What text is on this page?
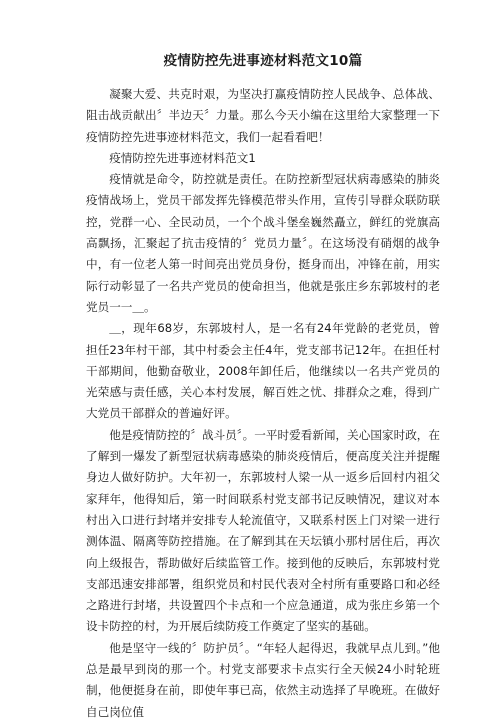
疫情防控先进事迹材料范文10篇

凝聚大爱、共克时艰，为坚决打赢疫情防控人民战争、总体战、阻击战贡献出〞半边天〞力量。那么今天小编在这里给大家整理一下疫情防控先进事迹材料范文，我们一起看看吧！

疫情防控先进事迹材料范文1

疫情就是命令，防控就是责任。在防控新型冠状病毒感染的肺炎疫情战场上，党员干部发挥先锋模范带头作用，宣传引导群众联防联控，党群一心、全民动员，一个个战斗堡垒巍然矗立，鲜红的党旗高高飘扬，汇聚起了抗击疫情的〞党员力量〞。在这场没有硝烟的战争中，有一位老人第一时间亮出党员身份，挺身而出，冲锋在前，用实际行动彰显了一名共产党员的使命担当，他就是张庄乡东郭坡村的老党员一一＿。

＿，现年68岁，东郭坡村人，是一名有24年党龄的老党员，曾担任23年村干部，其中村委会主任4年，党支部书记12年。在担任村干部期间，他勤奋敬业，2008年卸任后，他继续以一名共产党员的光荣感与责任感，关心本村发展，解百姓之忧、排群众之难，得到广大党员干部群众的普遍好评。

他是疫情防控的〞战斗员〞。一平时爱看新闻，关心国家时政，在了解到一爆发了新型冠状病毒感染的肺炎疫情后，便高度关注并提醒身边人做好防护。大年初一，东郭坡村人梁一从一返乡后回村内祖父家拜年，他得知后，第一时间联系村党支部书记反映情况，建议对本村出入口进行封堵并安排专人轮流值守，又联系村医上门对梁一进行测体温、隔离等防控措施。在了解到其在天坛镇小那村居住后，再次向上级报告，帮助做好后续监管工作。接到他的反映后，东郭坡村党支部迅速安排部署，组织党员和村民代表对全村所有重要路口和必经之路进行封堵，共设置四个卡点和一个应急通道，成为张庄乡第一个设卡防控的村，为开展后续防疫工作奠定了坚实的基础。

他是坚守一线的〞防护员〞。“年轻人起得迟，我就早点儿到。”他总是最早到岗的那一个。村党支部要求卡点实行全天候24小时轮班制，他便挺身在前，即使年事已高，依然主动选择了早晚班。在做好自己岗位值
